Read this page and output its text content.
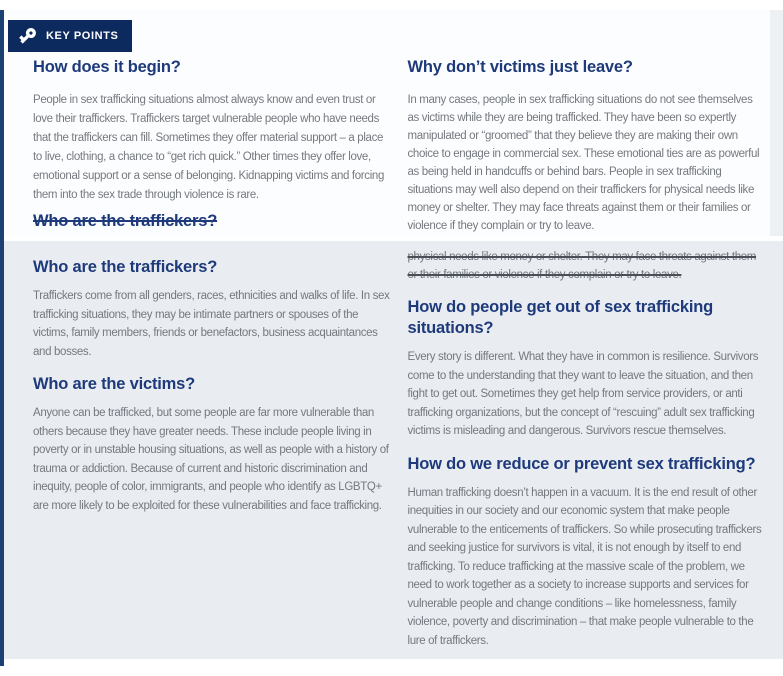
KEY POINTS
How does it begin?

People in sex trafficking situations almost always know and even trust or love their traffickers. Traffickers target vulnerable people who have needs that the traffickers can fill. Sometimes they offer material support – a place to live, clothing, a chance to “get rich quick.” Other times they offer love, emotional support or a sense of belonging. Kidnapping victims and forcing them into the sex trade through violence is rare.

Who are the traffickers?
Why don’t victims just leave?

In many cases, people in sex trafficking situations do not see themselves as victims while they are being trafficked. They have been so expertly manipulated or “groomed” that they believe they are making their own choice to engage in commercial sex. These emotional ties are as powerful as being held in handcuffs or behind bars. People in sex trafficking situations may well also depend on their traffickers for physical needs like money or shelter. They may face threats against them or their families or violence if they complain or try to leave.

Who are the traffickers?

Traffickers come from all genders, races, ethnicities and walks of life. In sex trafficking situations, they may be intimate partners or spouses of the victims, family members, friends or benefactors, business acquaintances and bosses.

Who are the victims?

Anyone can be trafficked, but some people are far more vulnerable than others because they have greater needs. These include people living in poverty or in unstable housing situations, as well as people with a history of trauma or addiction. Because of current and historic discrimination and inequity, people of color, immigrants, and people who identify as LGBTQ+ are more likely to be exploited for these vulnerabilities and face trafficking.

physical needs like money or shelter. They may face threats against them or their families or violence if they complain or try to leave.

How do people get out of sex trafficking situations?

Every story is different. What they have in common is resilience. Survivors come to the understanding that they want to leave the situation, and then fight to get out. Sometimes they get help from service providers, or anti trafficking organizations, but the concept of “rescuing” adult sex trafficking victims is misleading and dangerous. Survivors rescue themselves.

How do we reduce or prevent sex trafficking?

Human trafficking doesn’t happen in a vacuum. It is the end result of other inequities in our society and our economic system that make people vulnerable to the enticements of traffickers. So while prosecuting traffickers and seeking justice for survivors is vital, it is not enough by itself to end trafficking. To reduce trafficking at the massive scale of the problem, we need to work together as a society to increase supports and services for vulnerable people and change conditions – like homelessness, family violence, poverty and discrimination – that make people vulnerable to the lure of traffickers.
